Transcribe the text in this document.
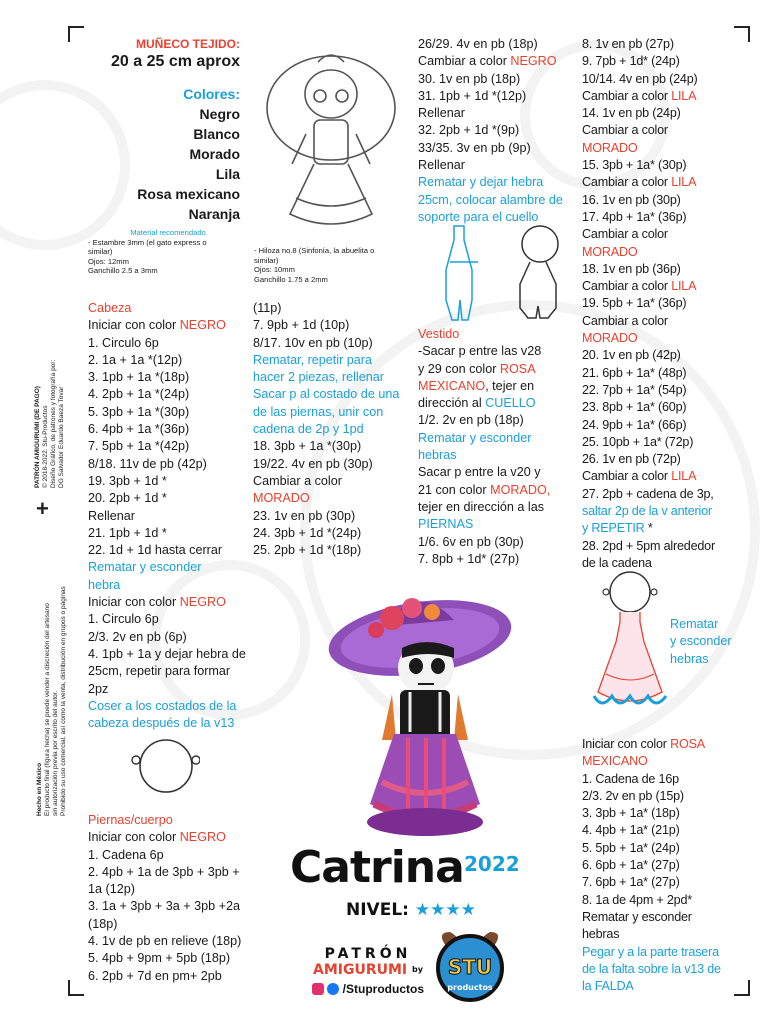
+

PATRÓN AMIGURUMI (DE PAGO) © 2018-2022. Stu-Productos Diseño Gráfico, de patrones y fotografía por: DG Salvador Eduardo Baeza Tovar

Hecho en México El producto final (figura hecha) se puede vender a discreción del artesano sin autorización previa por escrito del autor. Prohibido su uso comercial, así como la venta, distribución en grupos o páginas

MUÑECO TEJIDO:

20 a 25 cm aprox

Colores:

Negro

Blanco

Morado

Lila

Rosa mexicano

Naranja

Material recomendado

- Estambre 3mm (el gato express o

similar)

Ojos: 12mm

Ganchillo 2.5 a 3mm

- Hiloza no.8 (Sinfonía, la abuelita o

similar)

Ojos: 10mm

Ganchillo 1.75 a 2mm

Cabeza

Iniciar con color NEGRO

1. Circulo 6p

2. 1a + 1a *(12p)

3. 1pb + 1a *(18p)

4. 2pb + 1a *(24p)

5. 3pb + 1a *(30p)

6. 4pb + 1a *(36p)

7. 5pb + 1a *(42p)

8/18. 11v de pb (42p)

19. 3pb + 1d *

20. 2pb + 1d *

Rellenar

21. 1pb + 1d *

22. 1d + 1d hasta cerrar

Rematar y esconder

hebra

Iniciar con color NEGRO

1. Circulo 6p

2/3. 2v en pb (6p)

4. 1pb + 1a y dejar hebra de

25cm, repetir para formar

2pz

Coser a los costados de la

cabeza después de la v13

Piernas/cuerpo

Iniciar con color NEGRO

1. Cadena 6p

2. 4pb + 1a de 3pb + 3pb +

1a (12p)

3. 1a + 3pb + 3a + 3pb +2a

(18p)

4. 1v de pb en relieve (18p)

5. 4pb + 9pm + 5pb (18p)

6. 2pb + 7d en pm+ 2pb

(11p)

7. 9pb + 1d (10p)

8/17. 10v en pb (10p)

Rematar, repetir para

hacer 2 piezas, rellenar

Sacar p al costado de una

de las piernas, unir con

cadena de 2p y 1pd

18. 3pb + 1a *(30p)

19/22. 4v en pb (30p)

Cambiar a color

MORADO

23. 1v en pb (30p)

24. 3pb + 1d *(24p)

25. 2pb + 1d *(18p)

26/29. 4v en pb (18p)

Cambiar a color NEGRO

30. 1v en pb (18p)

31. 1pb + 1d *(12p)

Rellenar

32. 2pb + 1d *(9p)

33/35. 3v en pb (9p)

Rellenar

Rematar y dejar hebra

25cm, colocar alambre de

soporte para el cuello

Vestido

-Sacar p entre las v28

y 29 con color ROSA

MEXICANO, tejer en

dirección al CUELLO

1/2. 2v en pb (18p)

Rematar y esconder

hebras

Sacar p entre la v20 y

21 con color MORADO,

tejer en dirección a las

PIERNAS

1/6. 6v en pb (30p)

7. 8pb + 1d* (27p)

8. 1v en pb (27p)

9. 7pb + 1d* (24p)

10/14. 4v en pb (24p)

Cambiar a color LILA

14. 1v en pb (24p)

Cambiar a color

MORADO

15. 3pb + 1a* (30p)

Cambiar a color LILA

16. 1v en pb (30p)

17. 4pb + 1a* (36p)

Cambiar a color

MORADO

18. 1v en pb (36p)

Cambiar a color LILA

19. 5pb + 1a* (36p)

Cambiar a color

MORADO

20. 1v en pb (42p)

21. 6pb + 1a* (48p)

22. 7pb + 1a* (54p)

23. 8pb + 1a* (60p)

24. 9pb + 1a* (66p)

25. 10pb + 1a* (72p)

26. 1v en pb (72p)

Cambiar a color LILA

27. 2pb + cadena de 3p,

saltar 2p de la v anterior

y REPETIR *

28. 2pd + 5pm alrededor

de la cadena

Rematar

y esconder

hebras

Iniciar con color ROSA

MEXICANO

1. Cadena de 16p

2/3. 2v en pb (15p)

3. 3pb + 1a* (18p)

4. 4pb + 1a* (21p)

5. 5pb + 1a* (24p)

6. 6pb + 1a* (27p)

7. 6pb + 1a* (27p)

8. 1a de 4pm + 2pd*

Rematar y esconder

hebras

Pegar y a la parte trasera

de la falta sobre la v13 de

la FALDA

Catrina 2022
NIVEL: ★★★★

PATRÓN

AMIGURUMI by

/Stuproductos

STU
productos
